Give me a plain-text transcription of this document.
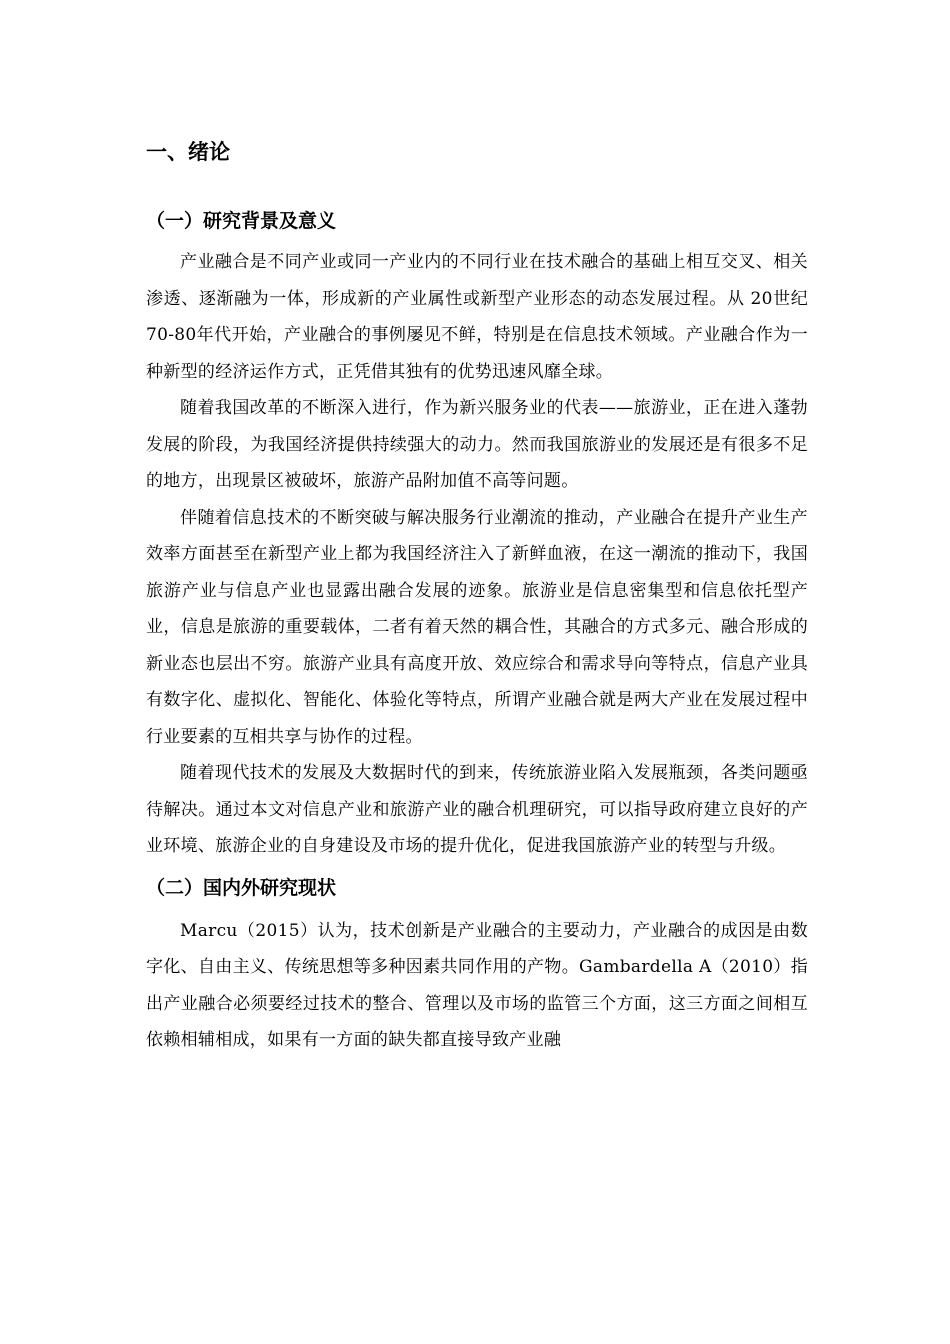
一、绪论
（一）研究背景及意义

产业融合是不同产业或同一产业内的不同行业在技术融合的基础上相互交叉、相关渗透、逐渐融为一体，形成新的产业属性或新型产业形态的动态发展过程。从 20世纪 70-80年代开始，产业融合的事例屡见不鲜，特别是在信息技术领域。产业融合作为一种新型的经济运作方式，正凭借其独有的优势迅速风靡全球。

随着我国改革的不断深入进行，作为新兴服务业的代表——旅游业，正在进入蓬勃发展的阶段，为我国经济提供持续强大的动力。然而我国旅游业的发展还是有很多不足的地方，出现景区被破坏，旅游产品附加值不高等问题。

伴随着信息技术的不断突破与解决服务行业潮流的推动，产业融合在提升产业生产效率方面甚至在新型产业上都为我国经济注入了新鲜血液，在这一潮流的推动下，我国旅游产业与信息产业也显露出融合发展的迹象。旅游业是信息密集型和信息依托型产业，信息是旅游的重要载体，二者有着天然的耦合性，其融合的方式多元、融合形成的新业态也层出不穷。旅游产业具有高度开放、效应综合和需求导向等特点，信息产业具有数字化、虚拟化、智能化、体验化等特点，所谓产业融合就是两大产业在发展过程中行业要素的互相共享与协作的过程。

随着现代技术的发展及大数据时代的到来，传统旅游业陷入发展瓶颈，各类问题亟待解决。通过本文对信息产业和旅游产业的融合机理研究，可以指导政府建立良好的产业环境、旅游企业的自身建设及市场的提升优化，促进我国旅游产业的转型与升级。

（二）国内外研究现状

Marcu（2015）认为，技术创新是产业融合的主要动力，产业融合的成因是由数字化、自由主义、传统思想等多种因素共同作用的产物。Gambardella A（2010）指出产业融合必须要经过技术的整合、管理以及市场的监管三个方面，这三方面之间相互依赖相辅相成，如果有一方面的缺失都直接导致产业融
